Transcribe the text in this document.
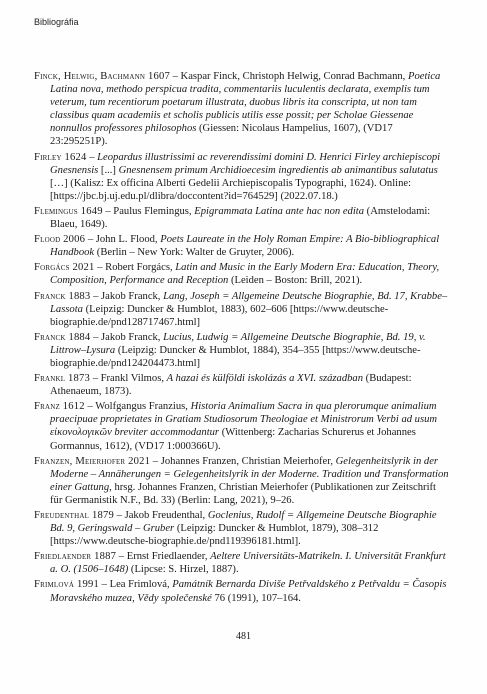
Bibliográfia

Finck, Helwig, Bachmann 1607 – Kaspar Finck, Christoph Helwig, Conrad Bachmann, Poetica Latina nova, methodo perspicua tradita, commentariis luculentis declarata, exemplis tum veterum, tum recentiorum poetarum illustrata, duobus libris ita conscripta, ut non tam classibus quam academiis et scholis publicis utilis esse possit; per Scholae Giessenae nonnullos professores philosophos (Giessen: Nicolaus Hampelius, 1607), (VD17 23:295251P).

Firley 1624 – Leopardus illustrissimi ac reverendissimi domini D. Henrici Firley archiepiscopi Gnesnensis [...] Gnesnensem primum Archidioecesim ingredientis ab animantibus salutatus […] (Kalisz: Ex officina Alberti Gedelii Archiepiscopalis Typographi, 1624). Online: [https://jbc.bj.uj.edu.pl/dlibra/doccontent?id=764529] (2022.07.18.)

Flemingus 1649 – Paulus Flemingus, Epigrammata Latina ante hac non edita (Amstelodami: Blaeu, 1649).

Flood 2006 – John L. Flood, Poets Laureate in the Holy Roman Empire: A Bio-bibliographical Handbook (Berlin – New York: Walter de Gruyter, 2006).

Forgács 2021 – Robert Forgács, Latin and Music in the Early Modern Era: Education, Theory, Composition, Performance and Reception (Leiden – Boston: Brill, 2021).

Franck 1883 – Jakob Franck, Lang, Joseph = Allgemeine Deutsche Biographie, Bd. 17, Krabbe–Lassota (Leipzig: Duncker & Humblot, 1883), 602–606 [https://www.deutsche-biographie.de/pnd128717467.html]

Franck 1884 – Jakob Franck, Lucius, Ludwig = Allgemeine Deutsche Biographie, Bd. 19, v. Littrow–Lysura (Leipzig: Duncker & Humblot, 1884), 354–355 [https://www.deutsche-biographie.de/pnd124204473.html]

Frankl 1873 – Frankl Vilmos, A hazai és külföldi iskolázás a XVI. században (Budapest: Athenaeum, 1873).

Franz 1612 – Wolfgangus Franzius, Historia Animalium Sacra in qua plerorumque animalium praecipuae proprietates in Gratiam Studiosorum Theologiae et Ministrorum Verbi ad usum εἰκονολογικῶν breviter accommodantur (Wittenberg: Zacharias Schurerus et Johannes Gormannus, 1612), (VD17 1:000366U).

Franzen, Meierhofer 2021 – Johannes Franzen, Christian Meierhofer, Gelegenheitslyrik in der Moderne – Annäherungen = Gelegenheitslyrik in der Moderne. Tradition und Transformation einer Gattung, hrsg. Johannes Franzen, Christian Meierhofer (Publikationen zur Zeitschrift für Germanistik N.F., Bd. 33) (Berlin: Lang, 2021), 9–26.

Freudenthal 1879 – Jakob Freudenthal, Goclenius, Rudolf = Allgemeine Deutsche Biographie Bd. 9, Geringswald – Gruber (Leipzig: Duncker & Humblot, 1879), 308–312 [https://www.deutsche-biographie.de/pnd119396181.html].

Friedlaender 1887 – Ernst Friedlaender, Aeltere Universitäts-Matrikeln. I. Universität Frankfurt a. O. (1506–1648) (Lipcse: S. Hirzel, 1887).

Frimlová 1991 – Lea Frimlová, Památník Bernarda Diviše Petřvaldského z Petřvaldu = Časopis Moravského muzea, Vědy společenské 76 (1991), 107–164.

481
